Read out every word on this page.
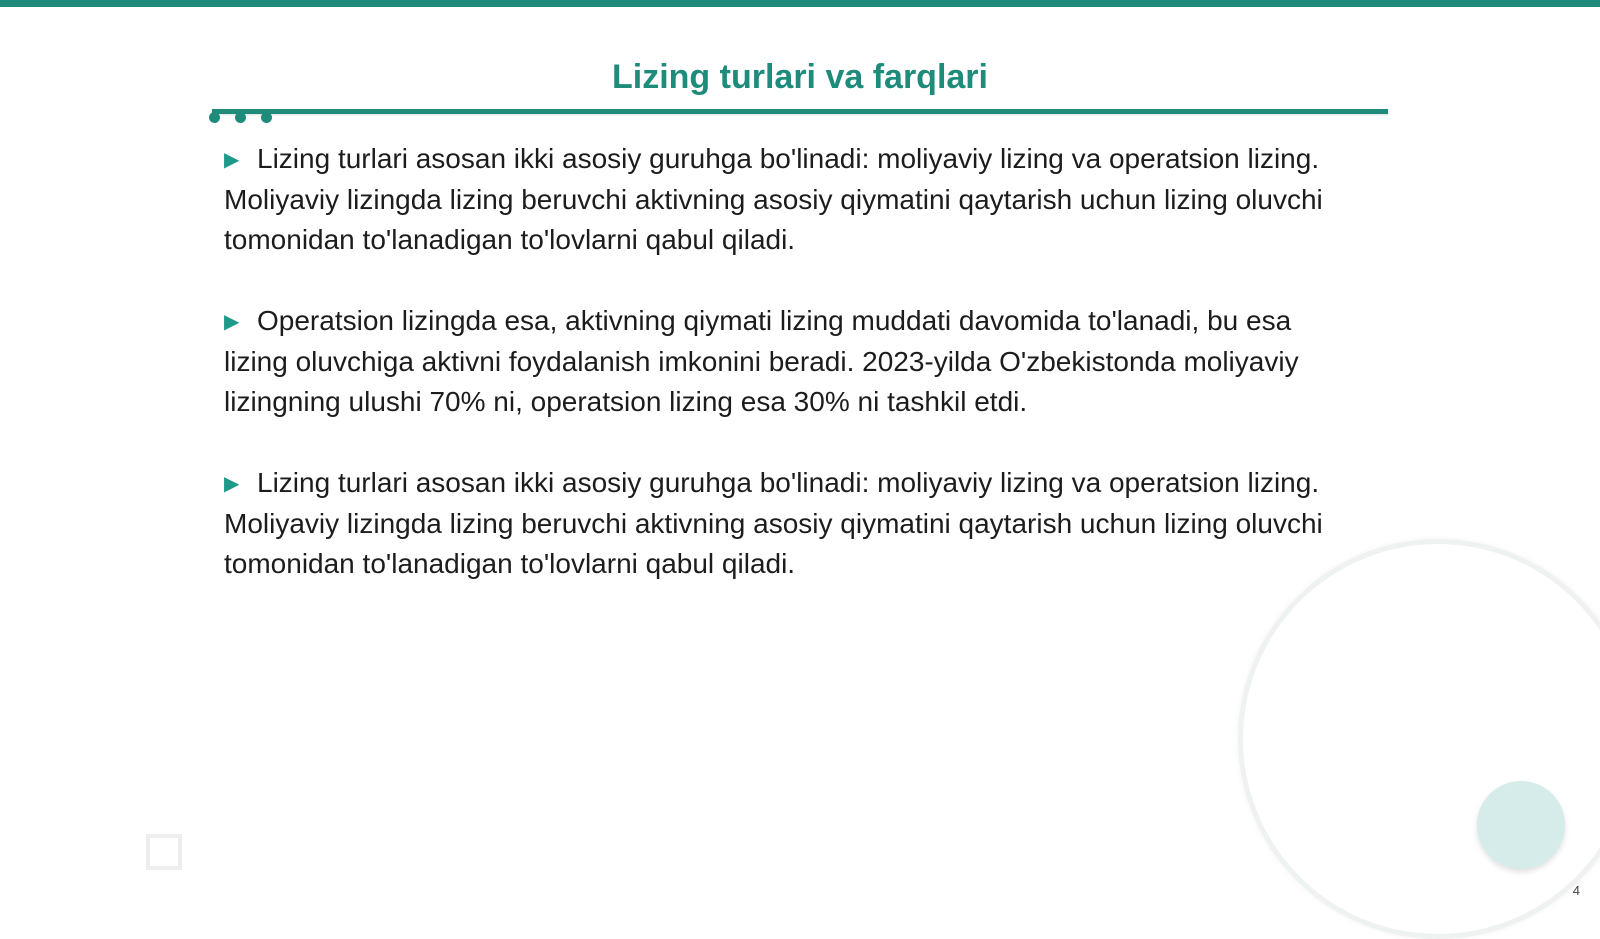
Lizing turlari va farqlari

▶ Lizing turlari asosan ikki asosiy guruhga bo'linadi: moliyaviy lizing va operatsion lizing. Moliyaviy lizingda lizing beruvchi aktivning asosiy qiymatini qaytarish uchun lizing oluvchi tomonidan to'lanadigan to'lovlarni qabul qiladi.

▶ Operatsion lizingda esa, aktivning qiymati lizing muddati davomida to'lanadi, bu esa lizing oluvchiga aktivni foydalanish imkonini beradi. 2023-yilda O'zbekistonda moliyaviy lizingning ulushi 70% ni, operatsion lizing esa 30% ni tashkil etdi.

▶ Lizing turlari asosan ikki asosiy guruhga bo'linadi: moliyaviy lizing va operatsion lizing. Moliyaviy lizingda lizing beruvchi aktivning asosiy qiymatini qaytarish uchun lizing oluvchi tomonidan to'lanadigan to'lovlarni qabul qiladi.

4
